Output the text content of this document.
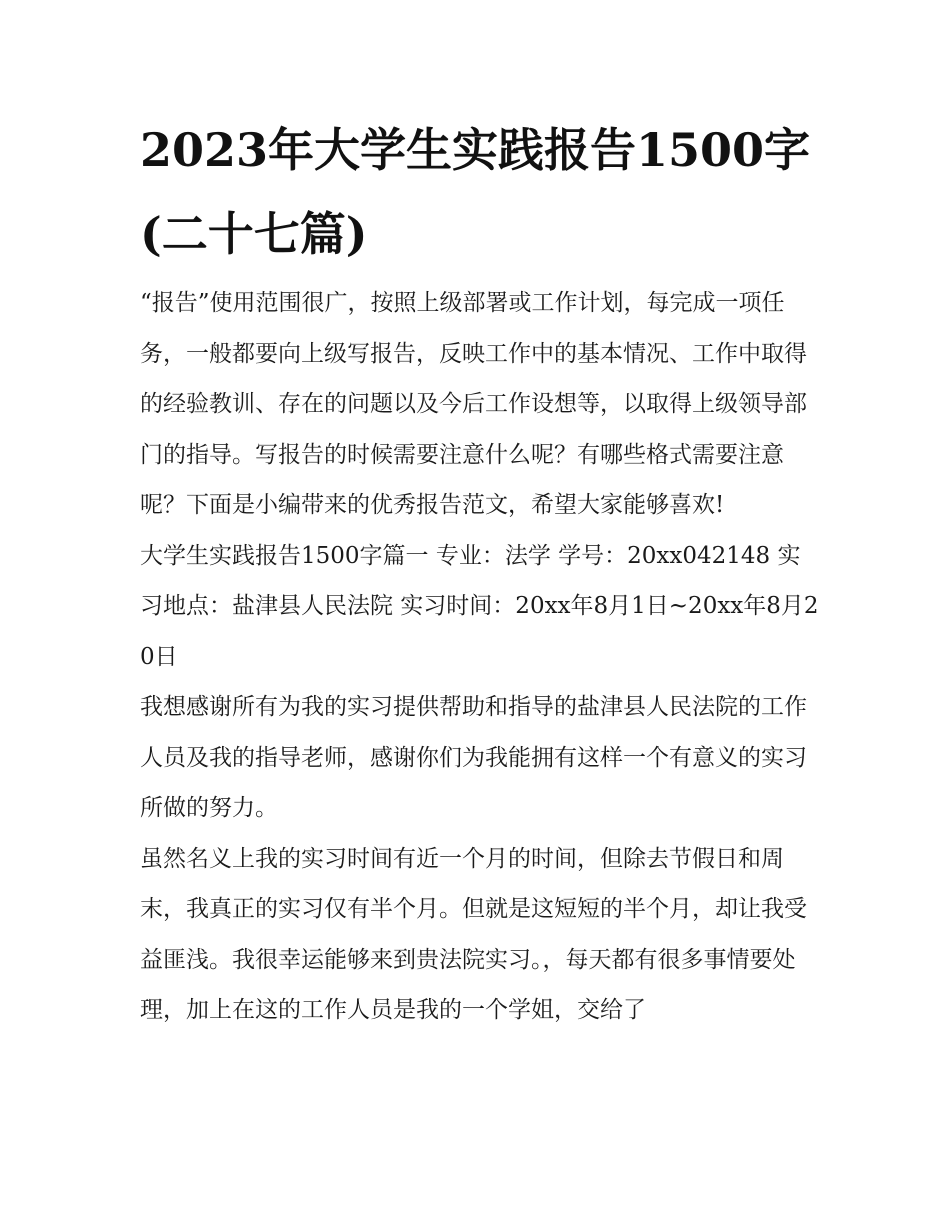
2023年大学生实践报告1500字(二十七篇)

“报告”使用范围很广，按照上级部署或工作计划，每完成一项任务，一般都要向上级写报告，反映工作中的基本情况、工作中取得的经验教训、存在的问题以及今后工作设想等，以取得上级领导部门的指导。写报告的时候需要注意什么呢？有哪些格式需要注意呢？下面是小编带来的优秀报告范文，希望大家能够喜欢!

大学生实践报告1500字篇一 专业：法学 学号：20xx042148 实习地点：盐津县人民法院 实习时间：20xx年8月1日~20xx年8月20日

我想感谢所有为我的实习提供帮助和指导的盐津县人民法院的工作人员及我的指导老师，感谢你们为我能拥有这样一个有意义的实习所做的努力。

虽然名义上我的实习时间有近一个月的时间，但除去节假日和周末，我真正的实习仅有半个月。但就是这短短的半个月，却让我受益匪浅。我很幸运能够来到贵法院实习。，每天都有很多事情要处理，加上在这的工作人员是我的一个学姐，交给了
